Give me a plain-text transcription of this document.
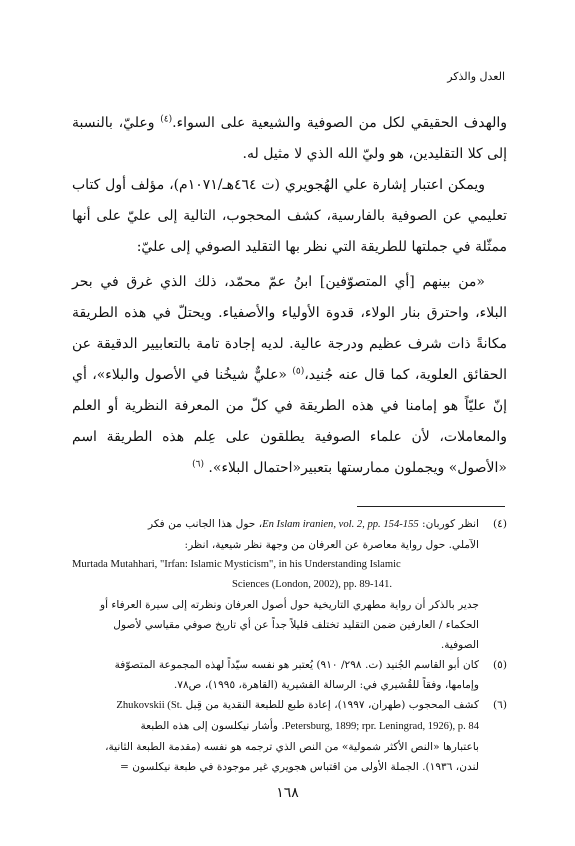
العدل والذكر

والهدف الحقيقي لكل من الصوفية والشيعية على السواء.$^{(٤)}$ وعليّ، بالنسبة إلى كلا التقليدين، هو وليّ الله الذي لا مثيل له.

ويمكن اعتبار إشارة علي الهُجويري (ت ٤٦٤هـ/١٠٧١م)، مؤلف أول كتاب تعليمي عن الصوفية بالفارسية، كشف المحجوب، التالية إلى عليّ على أنها ممثّلة في جملتها للطريقة التي نظر بها التقليد الصوفي إلى عليّ:

«من بينهم [أي المتصوّفين] ابنُ عمّ محمّد، ذلك الذي غرق في بحر البلاء، واحترق بنار الولاء، قدوة الأولياء والأصفياء. ويحتلّ في هذه الطريقة مكانةً ذات شرف عظيم ودرجة عالية. لديه إجادة تامة بالتعابيير الدقيقة عن الحقائق العلوية، كما قال عنه جُنيد،$^{(٥)}$ «عليٌّ شيخُنا في الأصول والبلاء»، أي إنّ عليّاً هو إمامنا في هذه الطريقة في كلّ من المعرفة النظرية أو العلم والمعاملات، لأن علماء الصوفية يطلقون على عِلم هذه الطريقة اسم «الأصول» ويجملون ممارستها بتعبير«احتمال البلاء». $^{(٦)}$

(٤)
انظر كوربان: En Islam iranien, vol. 2, pp. 154-155، حول هذا الجانب من فكر
الآملي. حول رواية معاصرة عن العرفان من وجهة نظر شيعية، انظر:
Murtada Mutahhari, "Irfan: Islamic Mysticism", in his Understanding Islamic
Sciences (London, 2002), pp. 89-141.
جدير بالذكر أن رواية مطهري التاريخية حول أصول العرفان ونظرته إلى سيرة العرفاء أو
الحكماء / العارفين ضمن التقليد تختلف قليلاً جداً عن أي تاريخ صوفي مقياسي لأصول
الصوفية.
(٥)
كان أبو القاسم الجُنيد (ت. ٢٩٨/ ٩١٠) يُعتبر هو نفسه سيّداً لهذه المجموعة المتصوّفة
وإمامها، وفقاً للقُشيري في: الرسالة القشيرية (القاهرة، ١٩٩٥)، ص٧٨.
(٦)
كشف المحجوب (طهران، ١٩٩٧)، إعادة طبع للطبعة النقدية من قِبل Zhukovskii (St.
Petersburg, 1899; rpr. Leningrad, 1926), p. 84. وأشار نيكلسون إلى هذه الطبعة
باعتبارها «النص الأكثر شمولية» من النص الذي ترجمه هو نفسه (مقدمة الطبعة الثانية،
لندن، ١٩٣٦). الجملة الأولى من اقتباس هجويري غير موجودة في طبعة نيكلسون =
١٦٨
